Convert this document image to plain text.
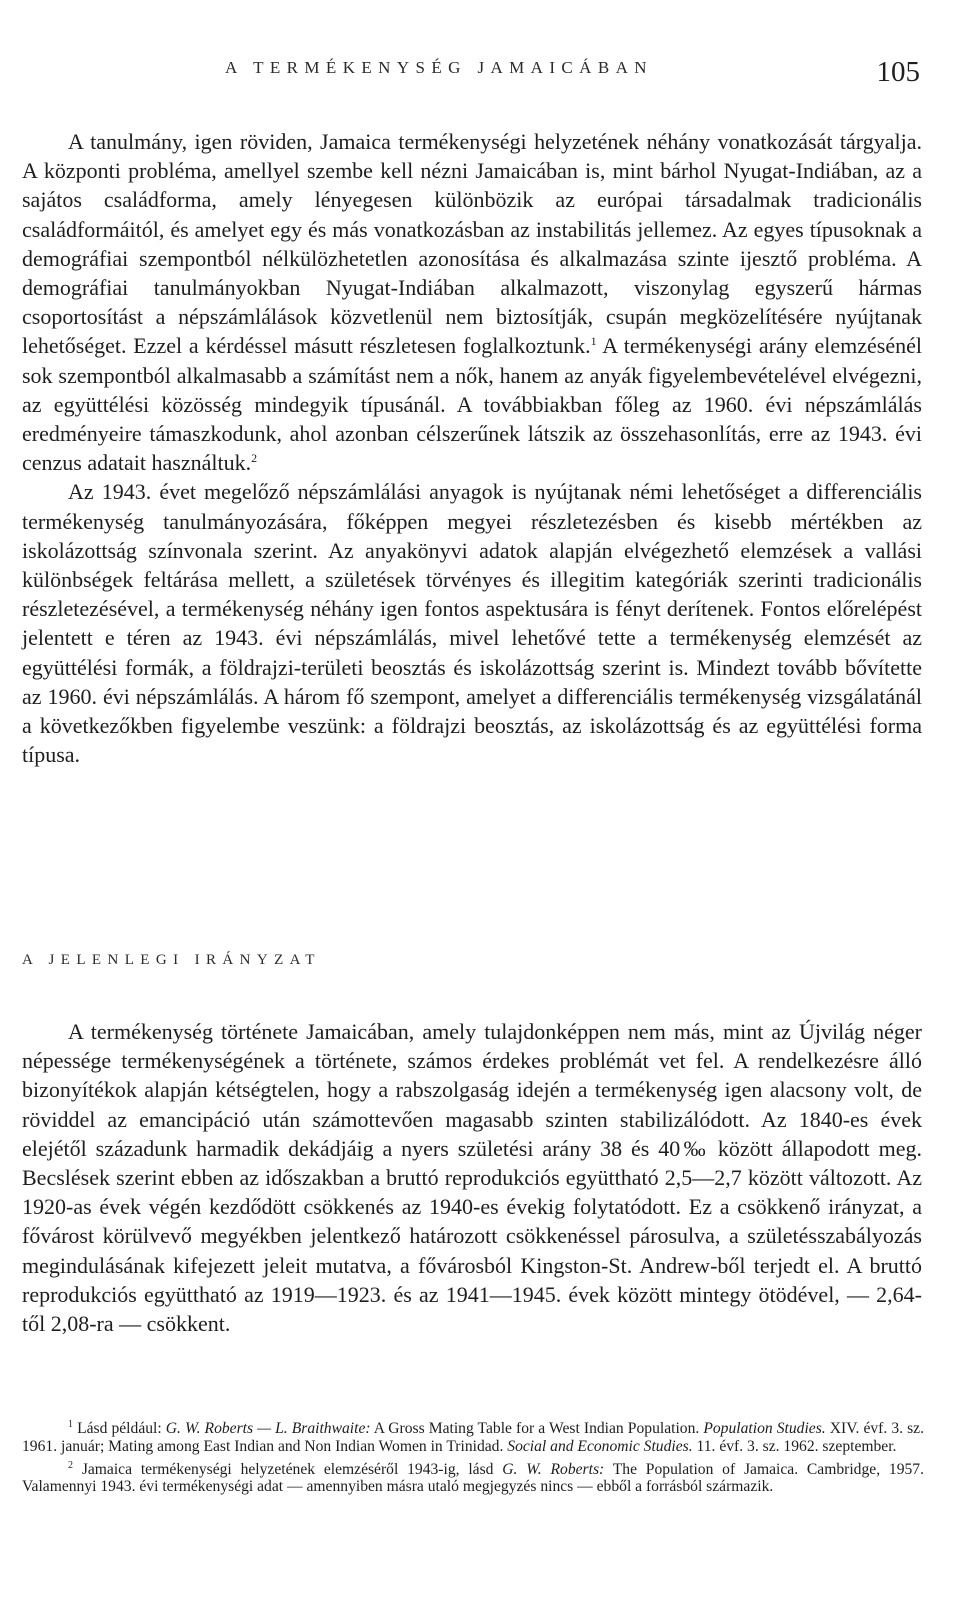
A TERMÉKENYSÉG JAMAICÁBAN	105

A tanulmány, igen röviden, Jamaica termékenységi helyzetének néhány vonatkozását tárgyalja. A központi probléma, amellyel szembe kell nézni Jamaicában is, mint bárhol Nyugat-Indiában, az a sajátos családforma, amely lényegesen különbözik az európai társadalmak tradicionális családformáitól, és amelyet egy és más vonatkozásban az instabilitás jellemez. Az egyes típusoknak a demográfiai szempontból nélkülözhetetlen azonosítása és alkalmazása szinte ijesztő probléma. A demográfiai tanulmányokban Nyugat-Indiában alkalmazott, viszonylag egyszerű hármas csoportosítást a népszámlálások közvetlenül nem biztosítják, csupán megközelítésére nyújtanak lehetőséget. Ezzel a kérdéssel másutt részletesen foglalkoztunk.$^1$ A termékenységi arány elemzésénél sok szempontból alkalmasabb a számítást nem a nők, hanem az anyák figyelembevételével elvégezni, az együttélési közösség mindegyik típusánál. A továbbiakban főleg az 1960. évi népszámlálás eredményeire támaszkodunk, ahol azonban célszerűnek látszik az összehasonlítás, erre az 1943. évi cenzus adatait használtuk.$^2$

Az 1943. évet megelőző népszámlálási anyagok is nyújtanak némi lehetőséget a differenciális termékenység tanulmányozására, főképpen megyei részletezésben és kisebb mértékben az iskolázottság színvonala szerint. Az anyakönyvi adatok alapján elvégezhető elemzések a vallási különbségek feltárása mellett, a születések törvényes és illegitim kategóriák szerinti tradicionális részletezésével, a termékenység néhány igen fontos aspektusára is fényt derítenek. Fontos előrelépést jelentett e téren az 1943. évi népszámlálás, mivel lehetővé tette a termékenység elemzését az együttélési formák, a földrajzi-területi beosztás és iskolázottság szerint is. Mindezt tovább bővítette az 1960. évi népszámlálás. A három fő szempont, amelyet a differenciális termékenység vizsgálatánál a következőkben figyelembe veszünk: a földrajzi beosztás, az iskolázottság és az együttélési forma típusa.

A JELENLEGI IRÁNYZAT

A termékenység története Jamaicában, amely tulajdonképpen nem más, mint az Újvilág néger népessége termékenységének a története, számos érdekes problémát vet fel. A rendelkezésre álló bizonyítékok alapján kétségtelen, hogy a rabszolgaság idején a termékenység igen alacsony volt, de röviddel az emancipáció után számottevően magasabb szinten stabilizálódott. Az 1840-es évek elejétől századunk harmadik dekádjáig a nyers születési arány 38 és 40‰ között állapodott meg. Becslések szerint ebben az időszakban a bruttó reprodukciós együttható 2,5—2,7 között változott. Az 1920-as évek végén kezdődött csökkenés az 1940-es évekig folytatódott. Ez a csökkenő irányzat, a fővárost körülvevő megyékben jelentkező határozott csökkenéssel párosulva, a születésszabályozás megindulásának kifejezett jeleit mutatva, a fővárosból Kingston-St. Andrew-ből terjedt el. A bruttó reprodukciós együttható az 1919—1923. és az 1941—1945. évek között mintegy ötödével, — 2,64-től 2,08-ra — csökkent.

$^1$ Lásd például: G. W. Roberts — L. Braithwaite: A Gross Mating Table for a West Indian Population. Population Studies. XIV. évf. 3. sz. 1961. január; Mating among East Indian and Non Indian Women in Trinidad. Social and Economic Studies. 11. évf. 3. sz. 1962. szeptember.

$^2$ Jamaica termékenységi helyzetének elemzéséről 1943-ig, lásd G. W. Roberts: The Population of Jamaica. Cambridge, 1957. Valamennyi 1943. évi termékenységi adat — amennyiben másra utaló megjegyzés nincs — ebből a forrásból származik.
